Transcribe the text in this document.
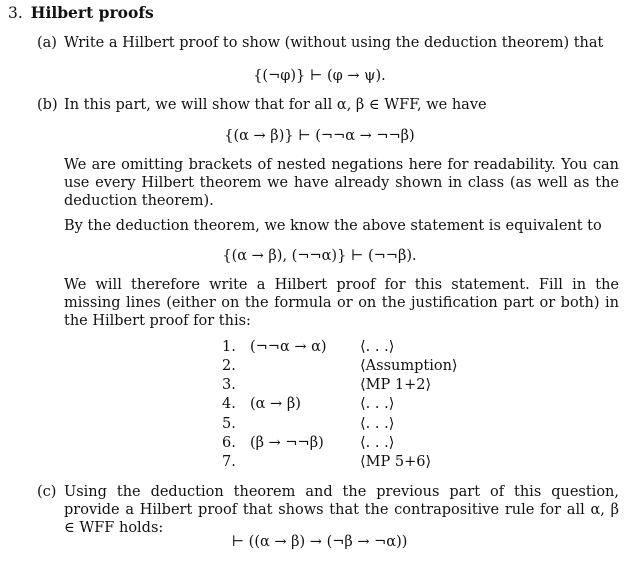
3. Hilbert proofs
(a) Write a Hilbert proof to show (without using the deduction theorem) that
{(¬φ)} ⊢ (φ → ψ).
(b) In this part, we will show that for all α, β ∈ WFF, we have
{(α → β)} ⊢ (¬¬α → ¬¬β)
We are omitting brackets of nested negations here for readability. You can use every Hilbert theorem we have already shown in class (as well as the deduction theorem).
By the deduction theorem, we know the above statement is equivalent to
{(α → β), (¬¬α)} ⊢ (¬¬β).
We will therefore write a Hilbert proof for this statement. Fill in the missing lines (either on the formula or on the justification part or both) in the Hilbert proof for this:
1.	(¬¬α → α)	⟨. . .⟩
2.		⟨Assumption⟩
3.		⟨MP 1+2⟩
4.	(α → β)	⟨. . .⟩
5.		⟨. . .⟩
6.	(β → ¬¬β)	⟨. . .⟩
7.		⟨MP 5+6⟩
(c) Using the deduction theorem and the previous part of this question, provide a Hilbert proof that shows that the contrapositive rule for all α, β ∈ WFF holds:
⊢ ((α → β) → (¬β → ¬α))
